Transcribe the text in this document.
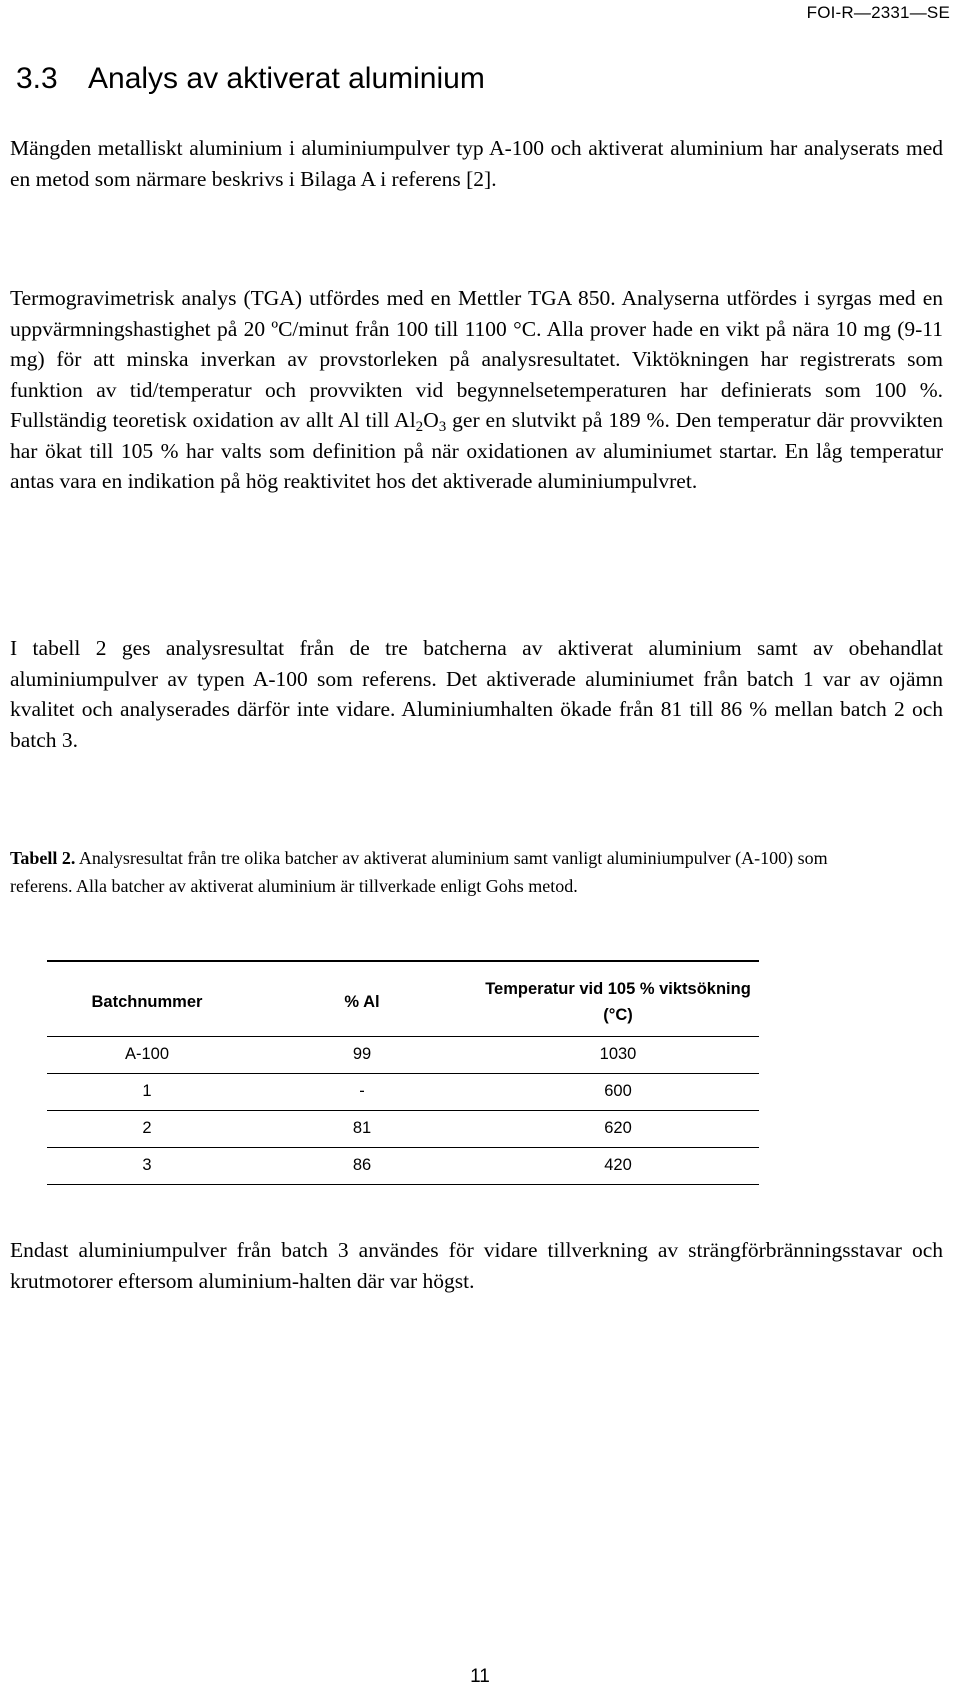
FOI-R—2331—SE
3.3 Analys av aktiverat aluminium

Mängden metalliskt aluminium i aluminiumpulver typ A-100 och aktiverat aluminium har analyserats med en metod som närmare beskrivs i Bilaga A i referens [2].

Termogravimetrisk analys (TGA) utfördes med en Mettler TGA 850. Analyserna utfördes i syrgas med en uppvärmningshastighet på 20 ºC/minut från 100 till 1100 °C. Alla prover hade en vikt på nära 10 mg (9-11 mg) för att minska inverkan av provstorleken på analysresultatet. Viktökningen har registrerats som funktion av tid/temperatur och provvikten vid begynnelsetemperaturen har definierats som 100 %. Fullständig teoretisk oxidation av allt Al till $Al_2O_3$ ger en slutvikt på 189 %. Den temperatur där provvikten har ökat till 105 % har valts som definition på när oxidationen av aluminiumet startar. En låg temperatur antas vara en indikation på hög reaktivitet hos det aktiverade aluminiumpulvret.

I tabell 2 ges analysresultat från de tre batcherna av aktiverat aluminium samt av obehandlat aluminiumpulver av typen A-100 som referens. Det aktiverade aluminiumet från batch 1 var av ojämn kvalitet och analyserades därför inte vidare. Aluminiumhalten ökade från 81 till 86 % mellan batch 2 och batch 3.

Tabell 2. Analysresultat från tre olika batcher av aktiverat aluminium samt vanligt aluminiumpulver (A-100) som referens. Alla batcher av aktiverat aluminium är tillverkade enligt Gohs metod.

Batchnummer	% Al	Temperatur vid 105 % viktsökning (°C)
A-100	99	1030
1	-	600
2	81	620
3	86	420

Endast aluminiumpulver från batch 3 användes för vidare tillverkning av strängförbränningsstavar och krutmotorer eftersom aluminium-halten där var högst.

11
